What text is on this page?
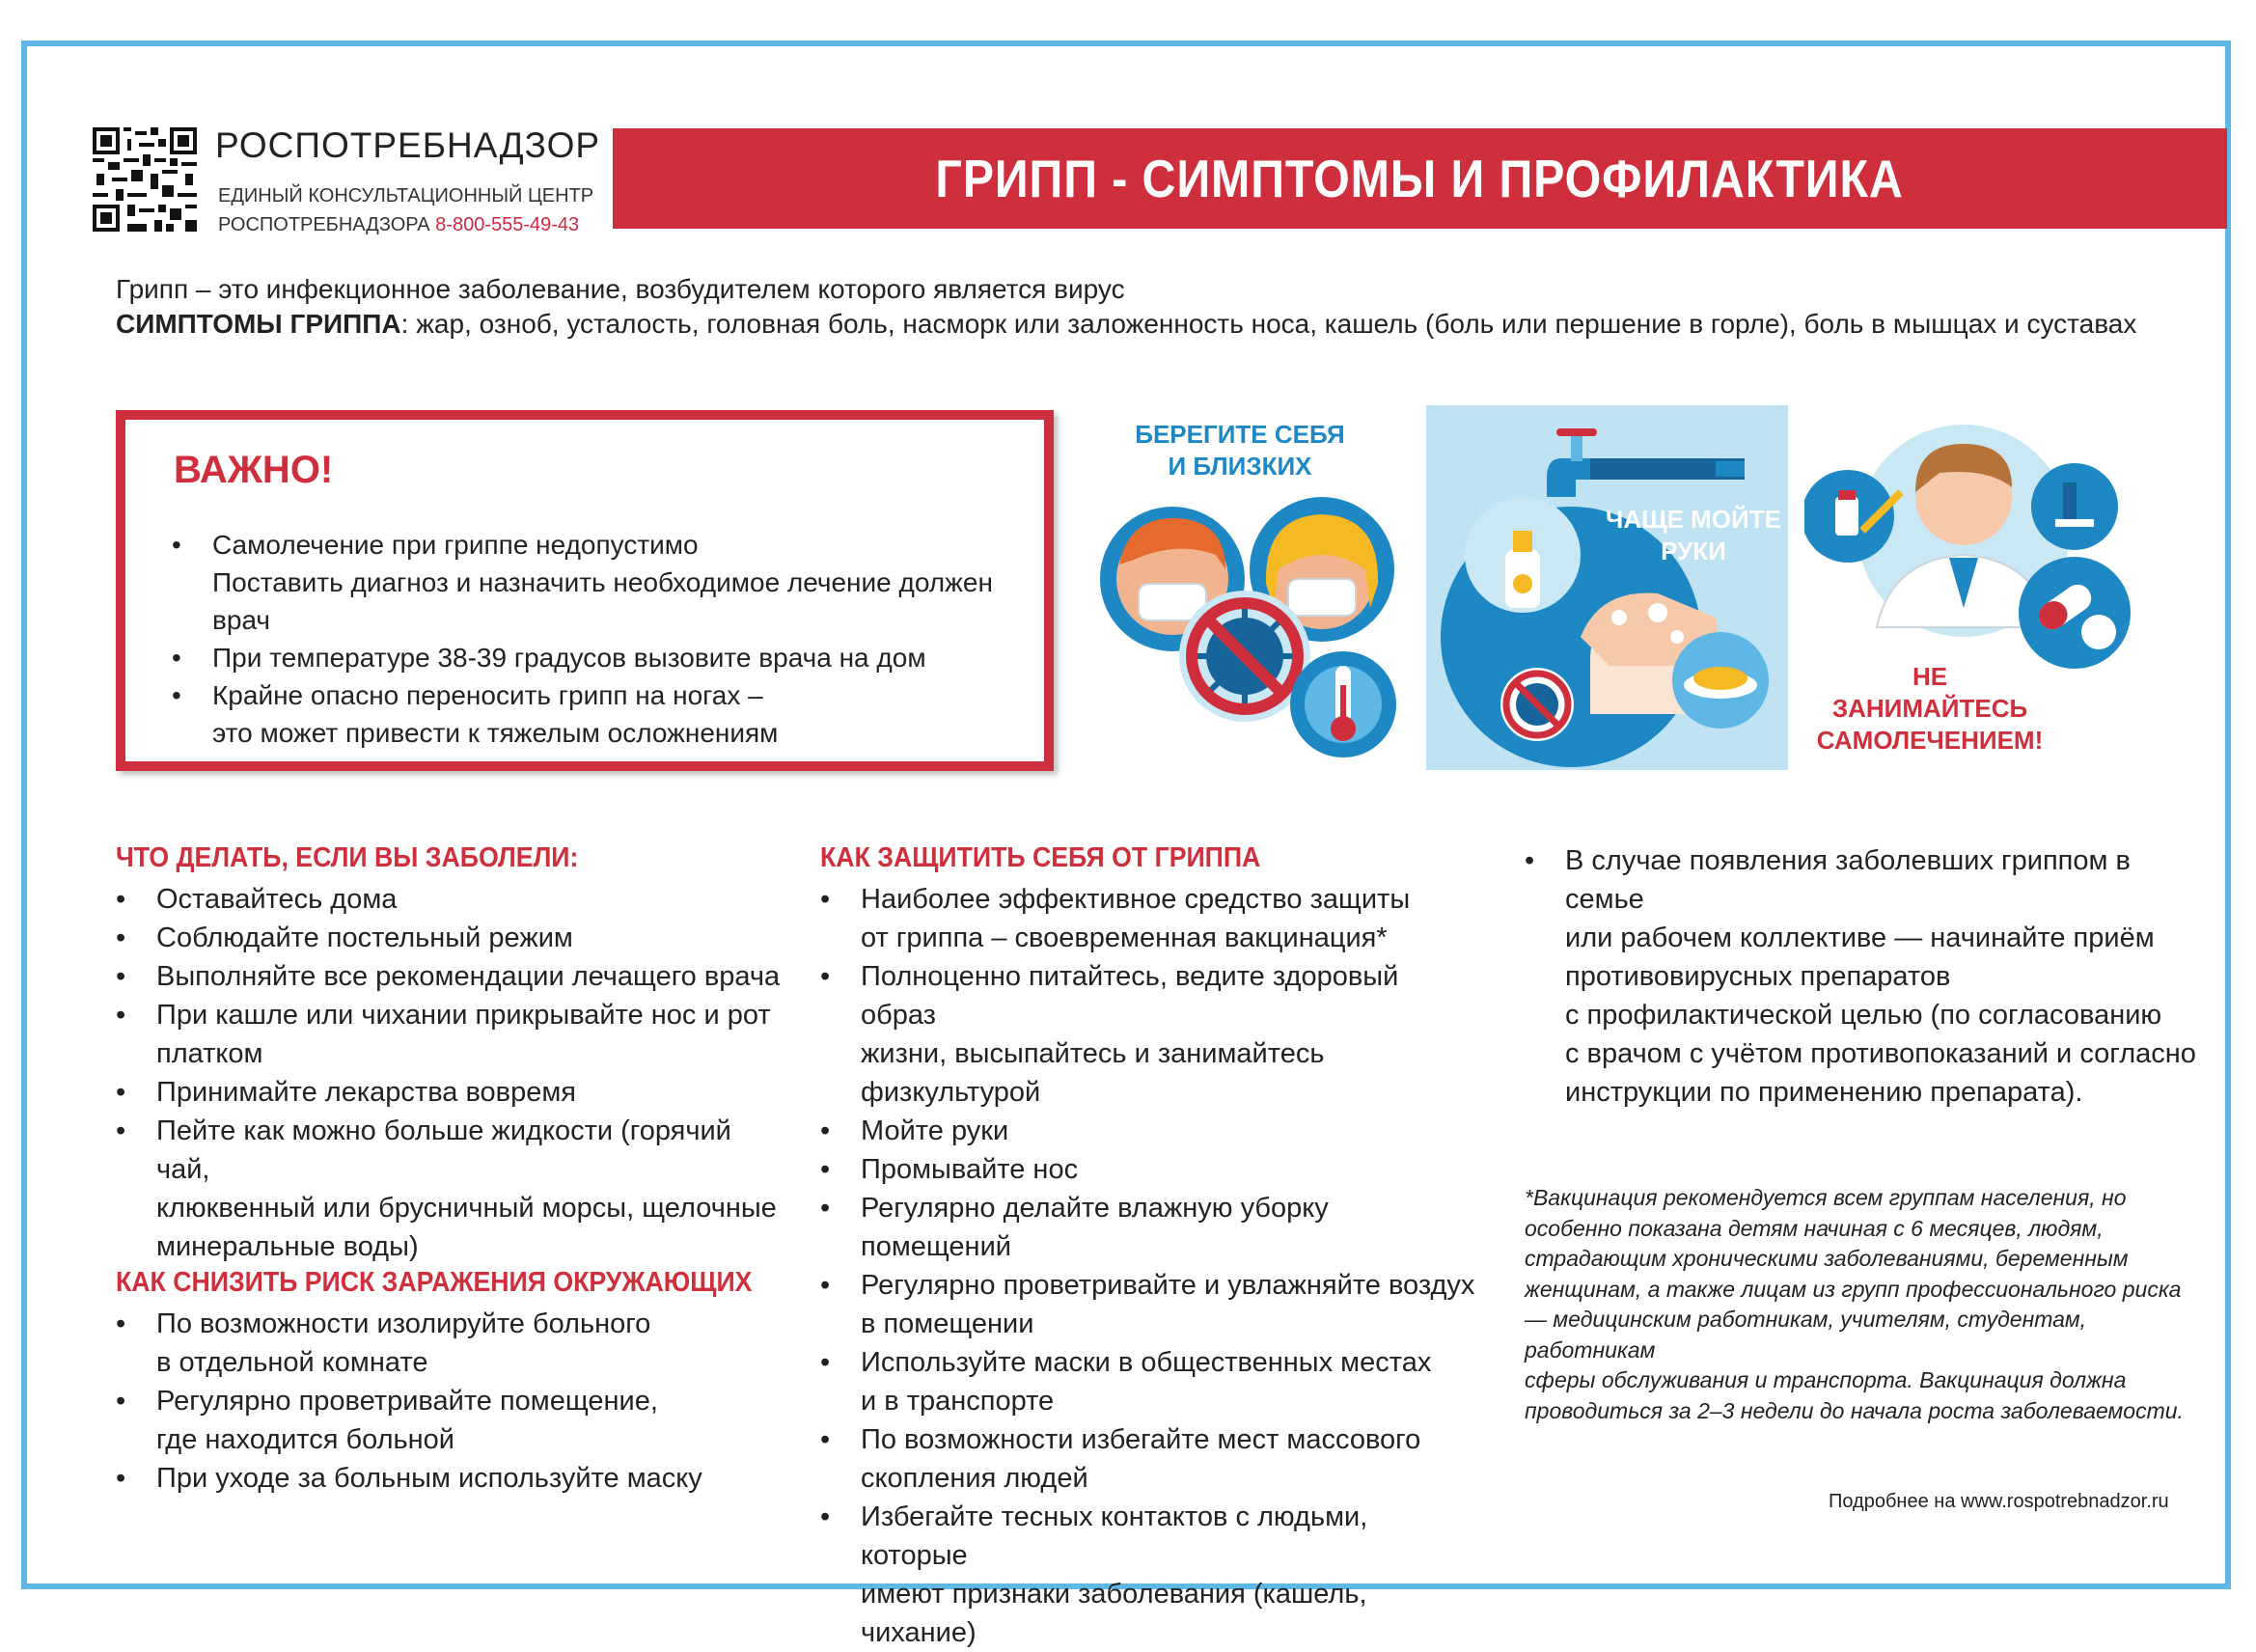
РОСПОТРЕБНАДЗОР
ЕДИНЫЙ КОНСУЛЬТАЦИОННЫЙ ЦЕНТР
РОСПОТРЕБНАДЗОРА 8-800-555-49-43
ГРИПП - СИМПТОМЫ И ПРОФИЛАКТИКА
Грипп – это инфекционное заболевание, возбудителем которого является вирус
СИМПТОМЫ ГРИППА: жар, озноб, усталость, головная боль, насморк или заложенность носа, кашель (боль или першение в горле), боль в мышцах и суставах
ВАЖНО!
• Самолечение при гриппе недопустимо
Поставить диагноз и назначить необходимое лечение должен врач
• При температуре 38-39 градусов вызовите врача на дом
• Крайне опасно переносить грипп на ногах –
это может привести к тяжелым осложнениям
БЕРЕГИТЕ СЕБЯ
И БЛИЗКИХ
ЧАЩЕ МОЙТЕ
РУКИ
НЕ ЗАНИМАЙТЕСЬ
САМОЛЕЧЕНИЕМ!
ЧТО ДЕЛАТЬ, ЕСЛИ ВЫ ЗАБОЛЕЛИ:
• Оставайтесь дома
• Соблюдайте постельный режим
• Выполняйте все рекомендации лечащего врача
• При кашле или чихании прикрывайте нос и рот
платком
• Принимайте лекарства вовремя
• Пейте как можно больше жидкости (горячий чай,
клюквенный или брусничный морсы, щелочные
минеральные воды)
КАК СНИЗИТЬ РИСК ЗАРАЖЕНИЯ ОКРУЖАЮЩИХ
• По возможности изолируйте больного
в отдельной комнате
• Регулярно проветривайте помещение,
где находится больной
• При уходе за больным используйте маску
КАК ЗАЩИТИТЬ СЕБЯ ОТ ГРИППА
• Наиболее эффективное средство защиты
от гриппа – своевременная вакцинация*
• Полноценно питайтесь, ведите здоровый образ
жизни, высыпайтесь и занимайтесь
физкультурой
• Мойте руки
• Промывайте нос
• Регулярно делайте влажную уборку помещений
• Регулярно проветривайте и увлажняйте воздух
в помещении
• Используйте маски в общественных местах
и в транспорте
• По возможности избегайте мест массового
скопления людей
• Избегайте тесных контактов с людьми, которые
имеют признаки заболевания (кашель, чихание)
• В случае появления заболевших гриппом в семье
или рабочем коллективе — начинайте приём
противовирусных препаратов
с профилактической целью (по согласованию
с врачом с учётом противопоказаний и согласно
инструкции по применению препарата).
*Вакцинация рекомендуется всем группам населения, но
особенно показана детям начиная с 6 месяцев, людям,
страдающим хроническими заболеваниями, беременным
женщинам, а также лицам из групп профессионального риска
— медицинским работникам, учителям, студентам, работникам
сферы обслуживания и транспорта. Вакцинация должна
проводиться за 2–3 недели до начала роста заболеваемости.
Подробнее на www.rospotrebnadzor.ru
